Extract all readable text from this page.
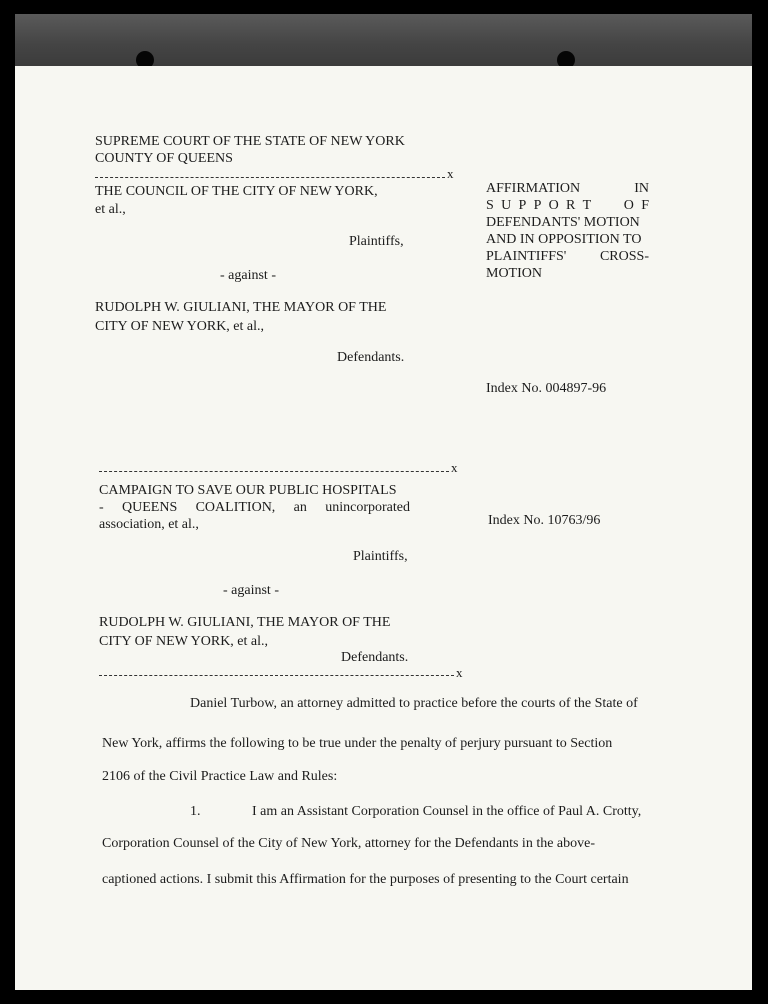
SUPREME COURT OF THE STATE OF NEW YORK
COUNTY OF QUEENS
x
THE COUNCIL OF THE CITY OF NEW YORK,
et al.,
Plaintiffs,
- against -
RUDOLPH W. GIULIANI, THE MAYOR OF THE
CITY OF NEW YORK, et al.,
Defendants.
AFFIRMATION	IN
S U P P O R T O F
DEFENDANTS' MOTION
AND IN OPPOSITION TO
PLAINTIFFS' CROSS-
MOTION
Index No. 004897-96
x
CAMPAIGN TO SAVE OUR PUBLIC HOSPITALS
- QUEENS COALITION, an unincorporated
association, et al.,	Index No. 10763/96
Plaintiffs,
- against -
RUDOLPH W. GIULIANI, THE MAYOR OF THE
CITY OF NEW YORK, et al.,
Defendants.
x
Daniel Turbow, an attorney admitted to practice before the courts of the State of
New York, affirms the following to be true under the penalty of perjury pursuant to Section
2106 of the Civil Practice Law and Rules:
1.	I am an Assistant Corporation Counsel in the office of Paul A. Crotty,
Corporation Counsel of the City of New York, attorney for the Defendants in the above-
captioned actions. I submit this Affirmation for the purposes of presenting to the Court certain
